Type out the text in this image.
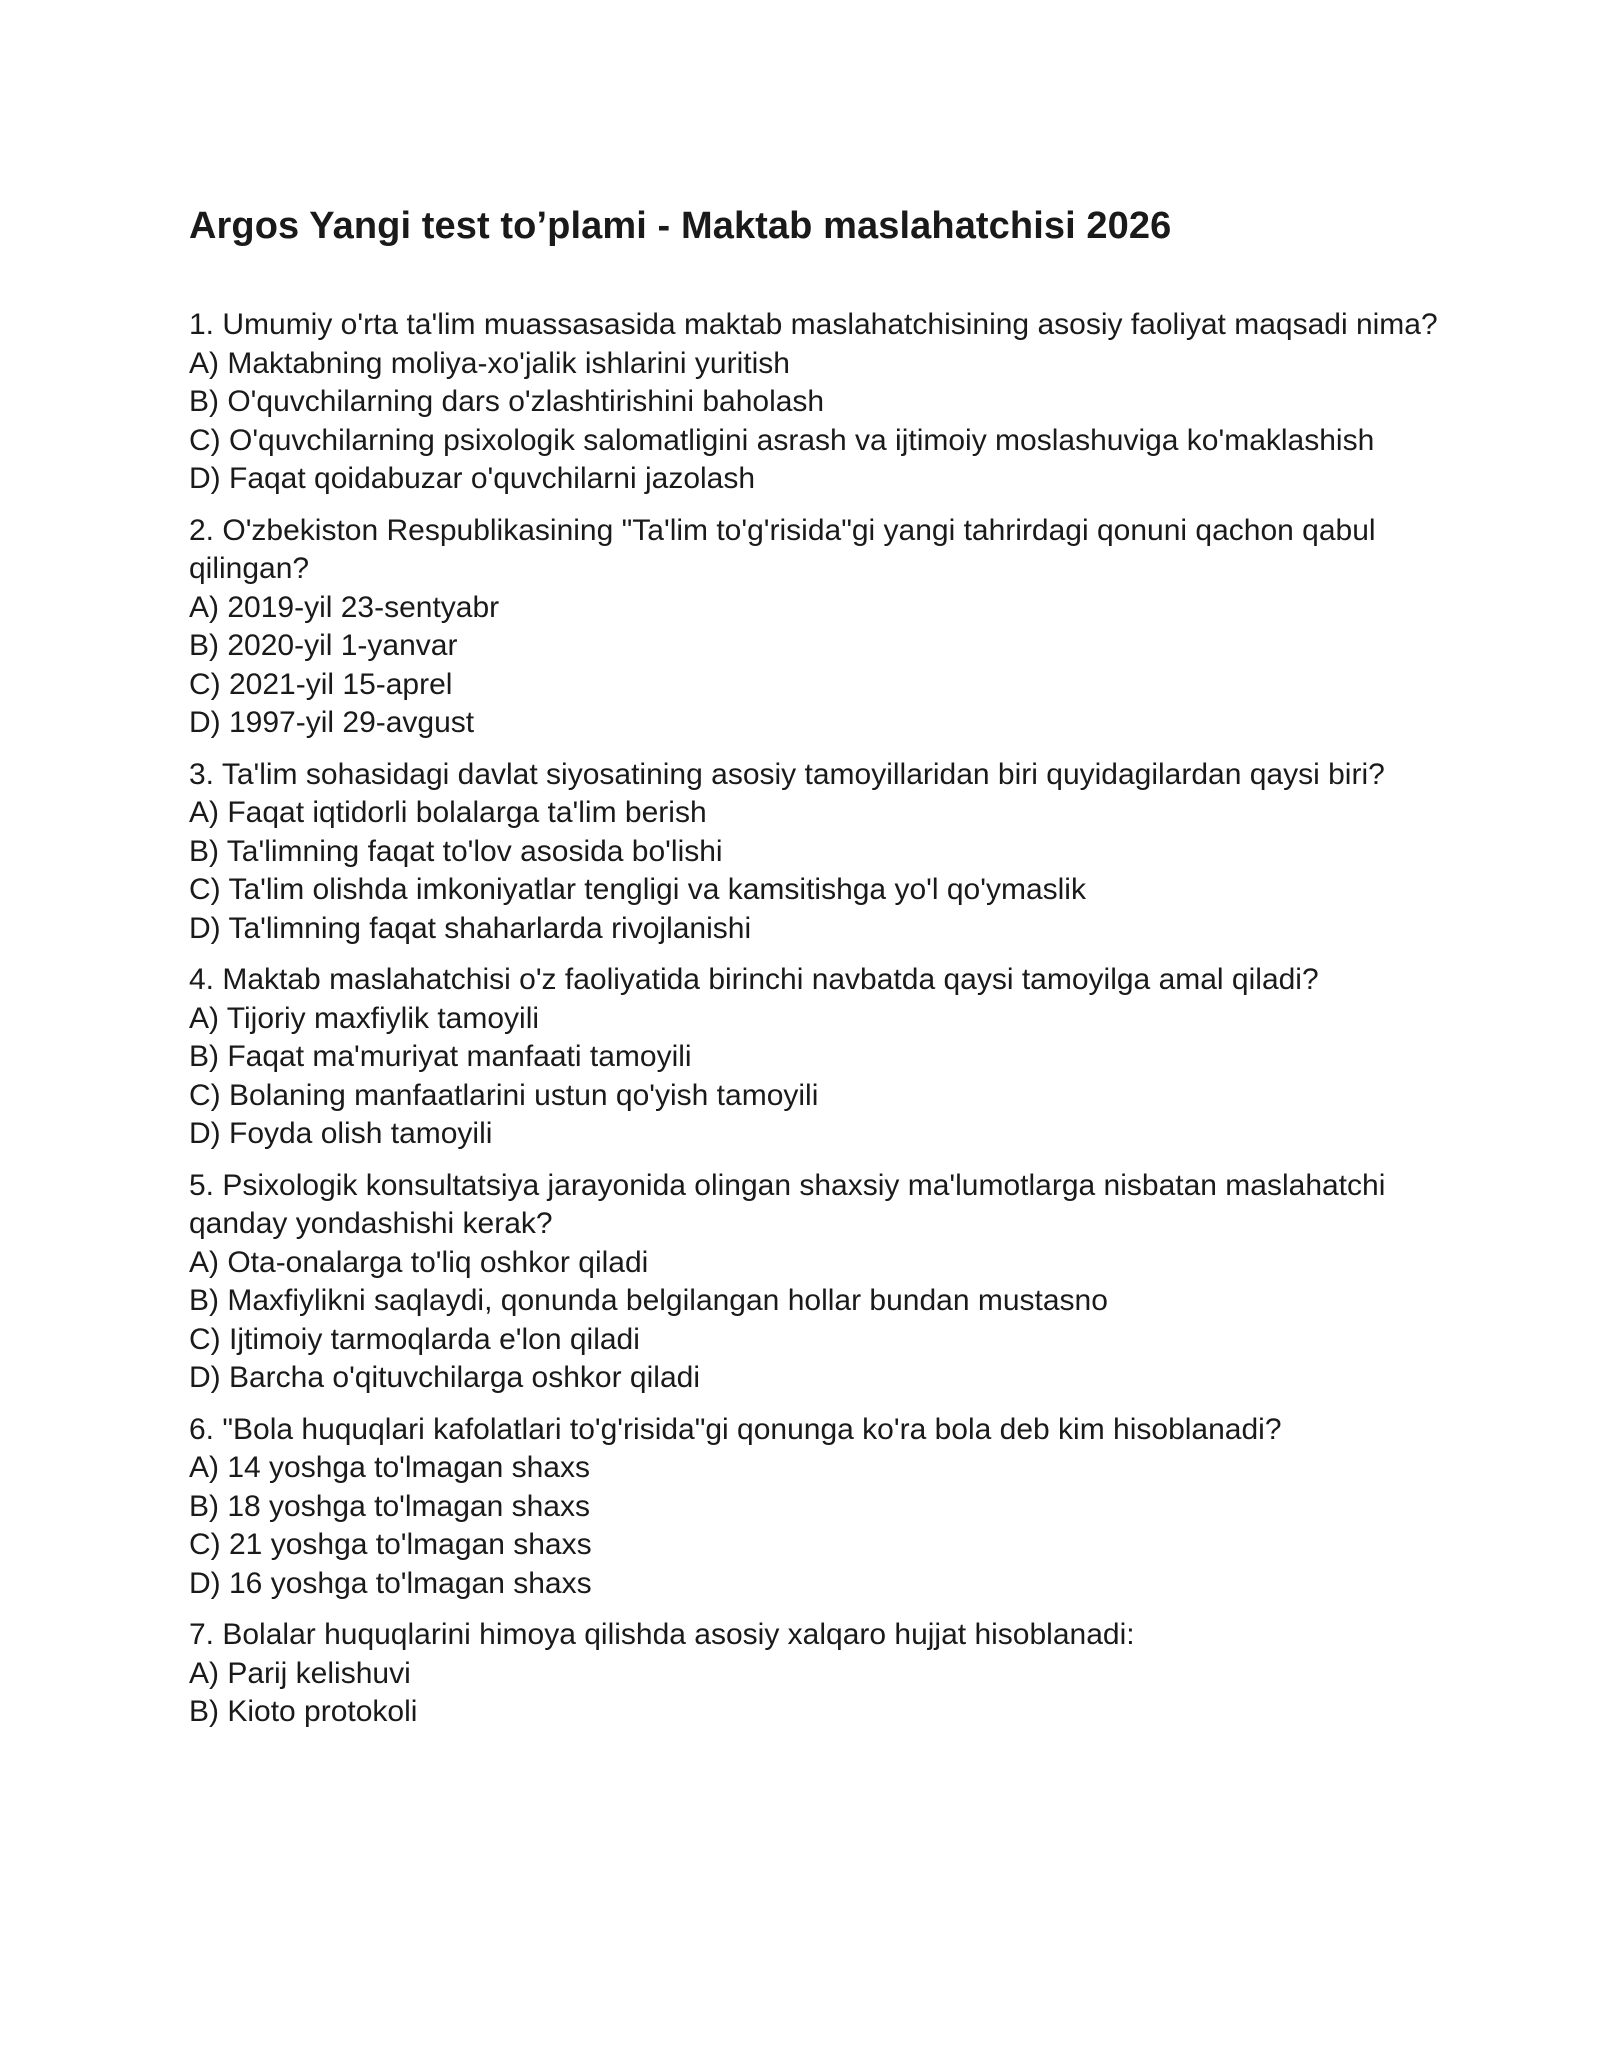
Argos Yangi test to’plami - Maktab maslahatchisi 2026
1. Umumiy o'rta ta'lim muassasasida maktab maslahatchisining asosiy faoliyat maqsadi nima?
A) Maktabning moliya-xo'jalik ishlarini yuritish
B) O'quvchilarning dars o'zlashtirishini baholash
C) O'quvchilarning psixologik salomatligini asrash va ijtimoiy moslashuviga ko'maklashish
D) Faqat qoidabuzar o'quvchilarni jazolash
2. O'zbekiston Respublikasining "Ta'lim to'g'risida"gi yangi tahrirdagi qonuni qachon qabul qilingan?
A) 2019-yil 23-sentyabr
B) 2020-yil 1-yanvar
C) 2021-yil 15-aprel
D) 1997-yil 29-avgust
3. Ta'lim sohasidagi davlat siyosatining asosiy tamoyillaridan biri quyidagilardan qaysi biri?
A) Faqat iqtidorli bolalarga ta'lim berish
B) Ta'limning faqat to'lov asosida bo'lishi
C) Ta'lim olishda imkoniyatlar tengligi va kamsitishga yo'l qo'ymaslik
D) Ta'limning faqat shaharlarda rivojlanishi
4. Maktab maslahatchisi o'z faoliyatida birinchi navbatda qaysi tamoyilga amal qiladi?
A) Tijoriy maxfiylik tamoyili
B) Faqat ma'muriyat manfaati tamoyili
C) Bolaning manfaatlarini ustun qo'yish tamoyili
D) Foyda olish tamoyili
5. Psixologik konsultatsiya jarayonida olingan shaxsiy ma'lumotlarga nisbatan maslahatchi qanday yondashishi kerak?
A) Ota-onalarga to'liq oshkor qiladi
B) Maxfiylikni saqlaydi, qonunda belgilangan hollar bundan mustasno
C) Ijtimoiy tarmoqlarda e'lon qiladi
D) Barcha o'qituvchilarga oshkor qiladi
6. "Bola huquqlari kafolatlari to'g'risida"gi qonunga ko'ra bola deb kim hisoblanadi?
A) 14 yoshga to'lmagan shaxs
B) 18 yoshga to'lmagan shaxs
C) 21 yoshga to'lmagan shaxs
D) 16 yoshga to'lmagan shaxs
7. Bolalar huquqlarini himoya qilishda asosiy xalqaro hujjat hisoblanadi:
A) Parij kelishuvi
B) Kioto protokoli
